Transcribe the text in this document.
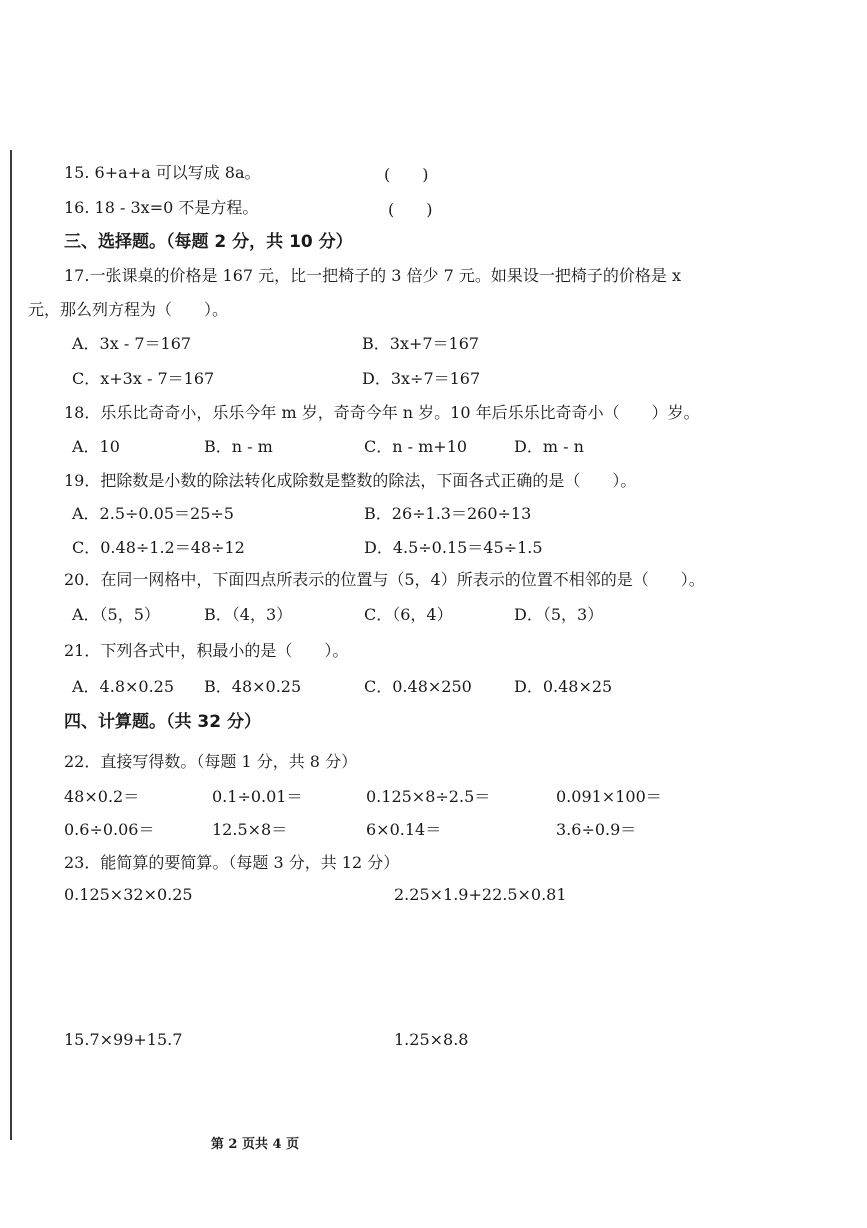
15. 6+a+a 可以写成 8a。	(　　)
16. 18 - 3x=0 不是方程。	(　　)
三、选择题。（每题 2 分，共 10 分）
17.一张课桌的价格是 167 元，比一把椅子的 3 倍少 7 元。如果设一把椅子的价格是 x
元，那么列方程为（　　）。
A．3x - 7＝167	B．3x+7＝167
C．x+3x - 7＝167	D．3x÷7＝167
18．乐乐比奇奇小，乐乐今年 m 岁，奇奇今年 n 岁。10 年后乐乐比奇奇小（　　）岁。
A．10	B．n - m	C．n - m+10	D．m - n
19．把除数是小数的除法转化成除数是整数的除法，下面各式正确的是（　　）。
A．2.5÷0.05＝25÷5	B．26÷1.3＝260÷13
C．0.48÷1.2＝48÷12	D．4.5÷0.15＝45÷1.5
20．在同一网格中，下面四点所表示的位置与（5，4）所表示的位置不相邻的是（　　）。
A．（5，5）	B．（4，3）	C．（6，4）	D．（5，3）
21．下列各式中，积最小的是（　　）。
A．4.8×0.25 B．48×0.25	C．0.48×250	D．0.48×25
四、计算题。（共 32 分）
22．直接写得数。（每题 1 分，共 8 分）
48×0.2＝	0.1÷0.01＝	0.125×8÷2.5＝	0.091×100＝
0.6÷0.06＝	12.5×8＝	6×0.14＝	3.6÷0.9＝
23．能简算的要简算。（每题 3 分，共 12 分）
0.125×32×0.25	2.25×1.9+22.5×0.81
15.7×99+15.7	1.25×8.8
第 2 页共 4 页
